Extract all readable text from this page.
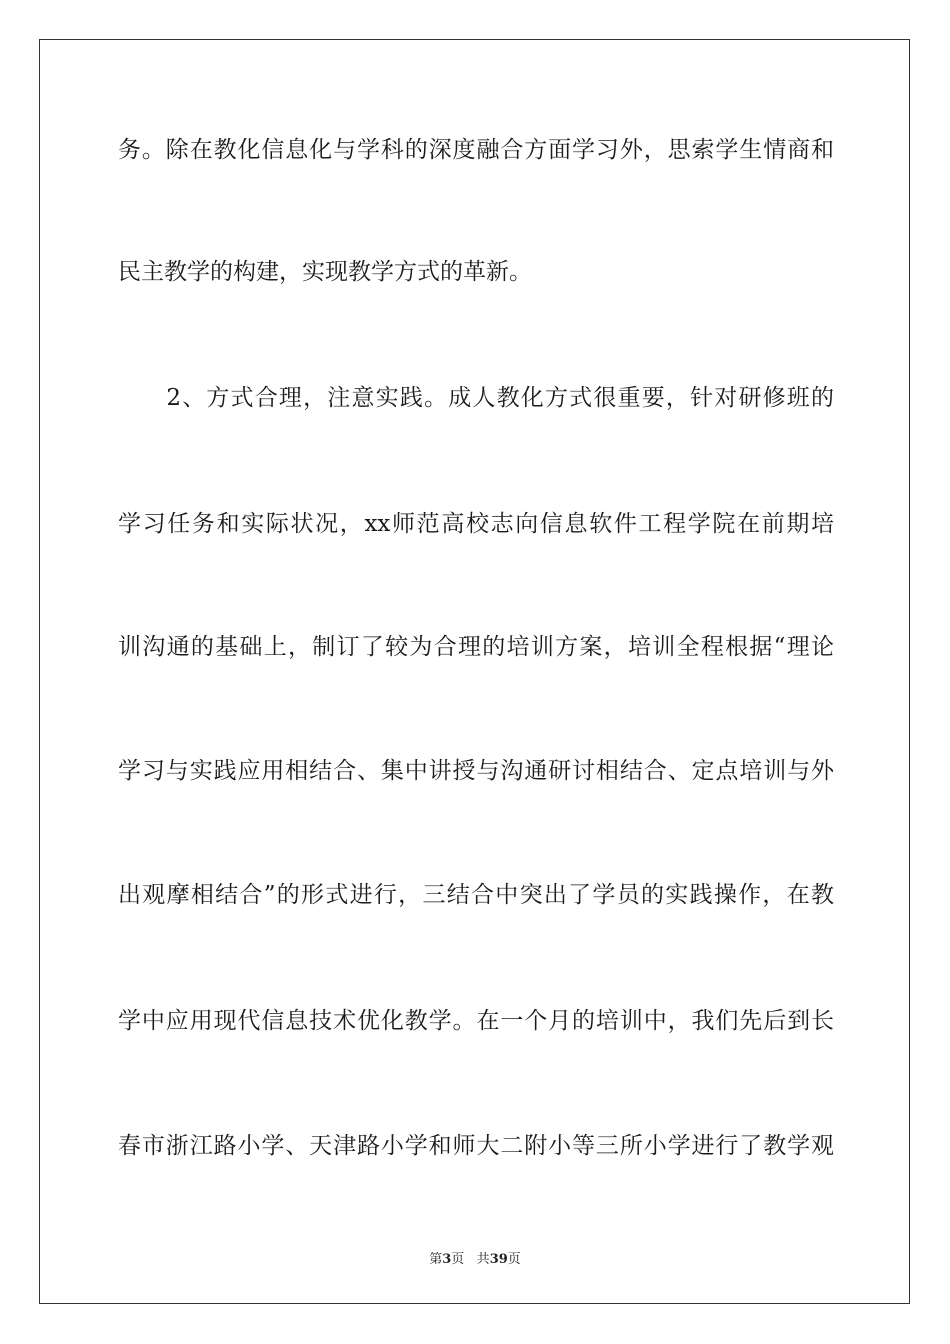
务。除在教化信息化与学科的深度融合方面学习外，思索学生情商和
民主教学的构建，实现教学方式的革新。
　　2、方式合理，注意实践。成人教化方式很重要，针对研修班的
学习任务和实际状况，xx师范高校志向信息软件工程学院在前期培
训沟通的基础上，制订了较为合理的培训方案，培训全程根据“理论
学习与实践应用相结合、集中讲授与沟通研讨相结合、定点培训与外
出观摩相结合”的形式进行，三结合中突出了学员的实践操作，在教
学中应用现代信息技术优化教学。在一个月的培训中，我们先后到长
春市浙江路小学、天津路小学和师大二附小等三所小学进行了教学观
第3页 共39页
